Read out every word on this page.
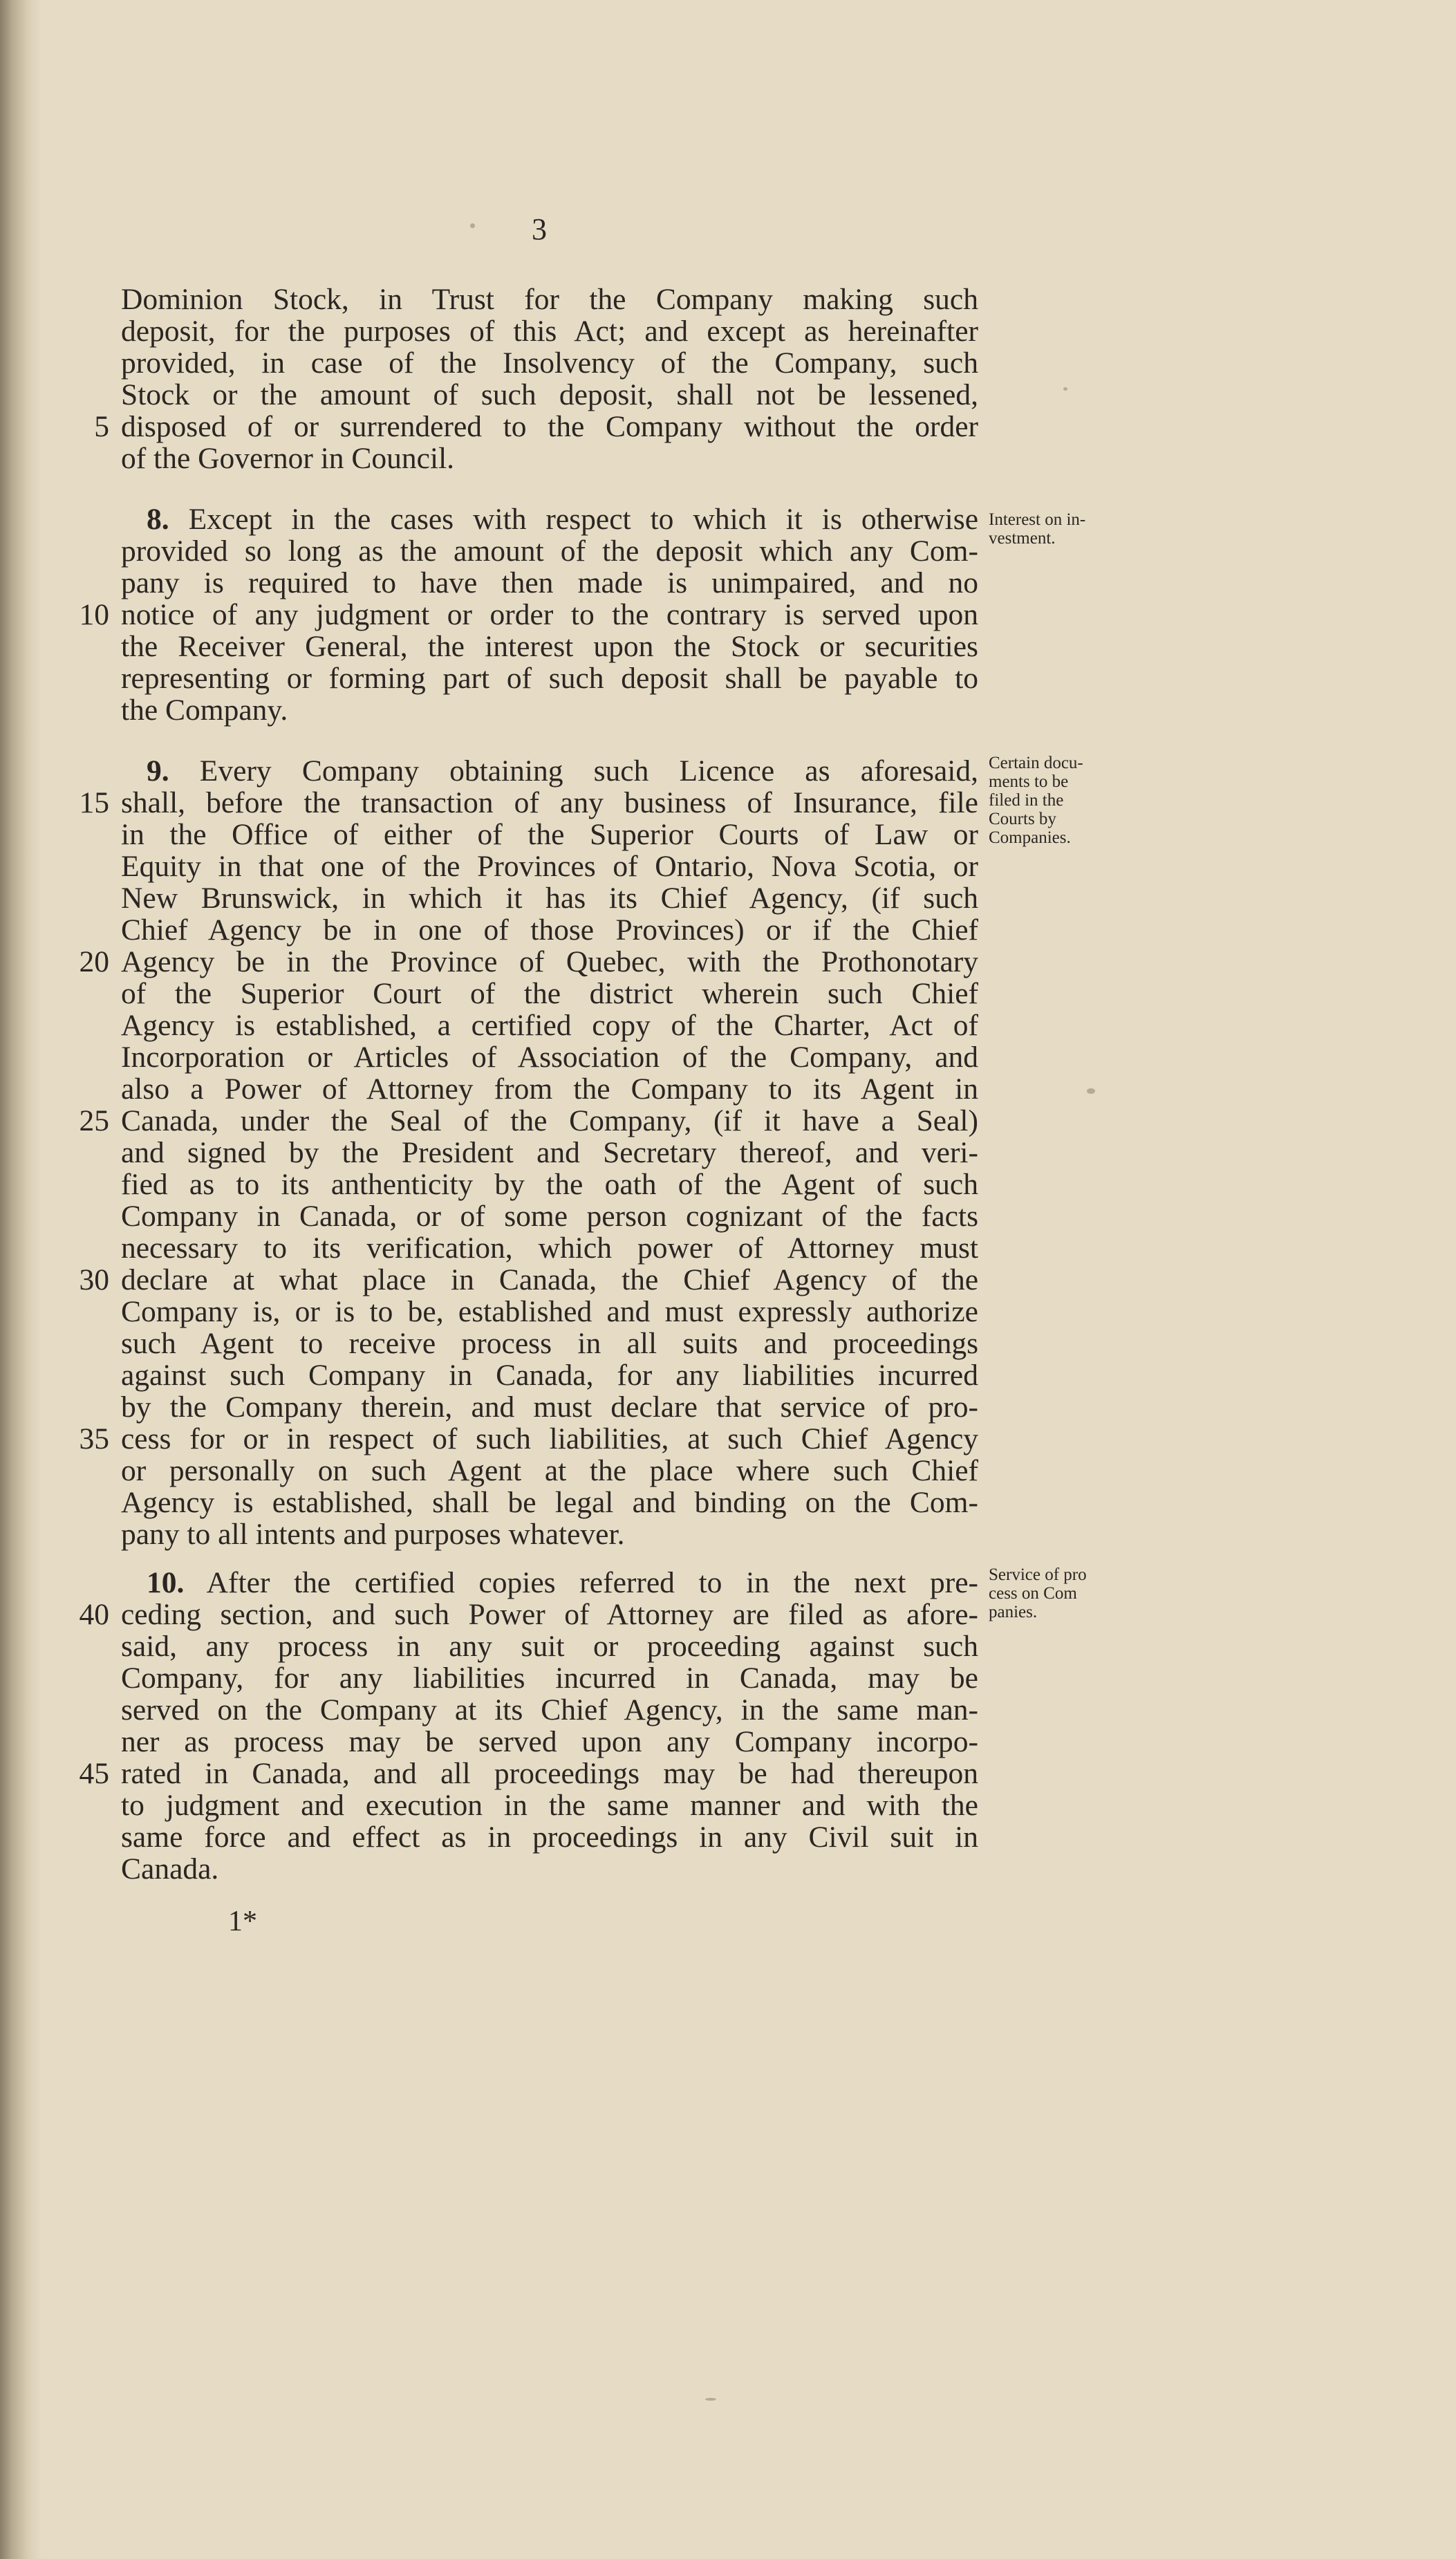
3
Dominion Stock, in Trust for the Company making such
deposit, for the purposes of this Act; and except as hereinafter
provided, in case of the Insolvency of the Company, such
Stock or the amount of such deposit, shall not be lessened,
disposed of or surrendered to the Company without the order
of the Governor in Council.
8. Except in the cases with respect to which it is otherwise
provided so long as the amount of the deposit which any Com-
pany is required to have then made is unimpaired, and no
notice of any judgment or order to the contrary is served upon
the Receiver General, the interest upon the Stock or securities
representing or forming part of such deposit shall be payable to
the Company.
9. Every Company obtaining such Licence as aforesaid,
shall, before the transaction of any business of Insurance, file
in the Office of either of the Superior Courts of Law or
Equity in that one of the Provinces of Ontario, Nova Scotia, or
New Brunswick, in which it has its Chief Agency, (if such
Chief Agency be in one of those Provinces) or if the Chief
Agency be in the Province of Quebec, with the Prothonotary
of the Superior Court of the district wherein such Chief
Agency is established, a certified copy of the Charter, Act of
Incorporation or Articles of Association of the Company, and
also a Power of Attorney from the Company to its Agent in
Canada, under the Seal of the Company, (if it have a Seal)
and signed by the President and Secretary thereof, and veri-
fied as to its anthenticity by the oath of the Agent of such
Company in Canada, or of some person cognizant of the facts
necessary to its verification, which power of Attorney must
declare at what place in Canada, the Chief Agency of the
Company is, or is to be, established and must expressly authorize
such Agent to receive process in all suits and proceedings
against such Company in Canada, for any liabilities incurred
by the Company therein, and must declare that service of pro-
cess for or in respect of such liabilities, at such Chief Agency
or personally on such Agent at the place where such Chief
Agency is established, shall be legal and binding on the Com-
pany to all intents and purposes whatever.
10. After the certified copies referred to in the next pre-
ceding section, and such Power of Attorney are filed as afore-
said, any process in any suit or proceeding against such
Company, for any liabilities incurred in Canada, may be
served on the Company at its Chief Agency, in the same man-
ner as process may be served upon any Company incorpo-
rated in Canada, and all proceedings may be had thereupon
to judgment and execution in the same manner and with the
same force and effect as in proceedings in any Civil suit in
Canada.
5
10
15
20
25
30
35
40
45
Interest on in-
vestment.
Certain docu-
ments to be
filed in the
Courts by
Companies.
Service of pro
cess on Com
panies.
1*
